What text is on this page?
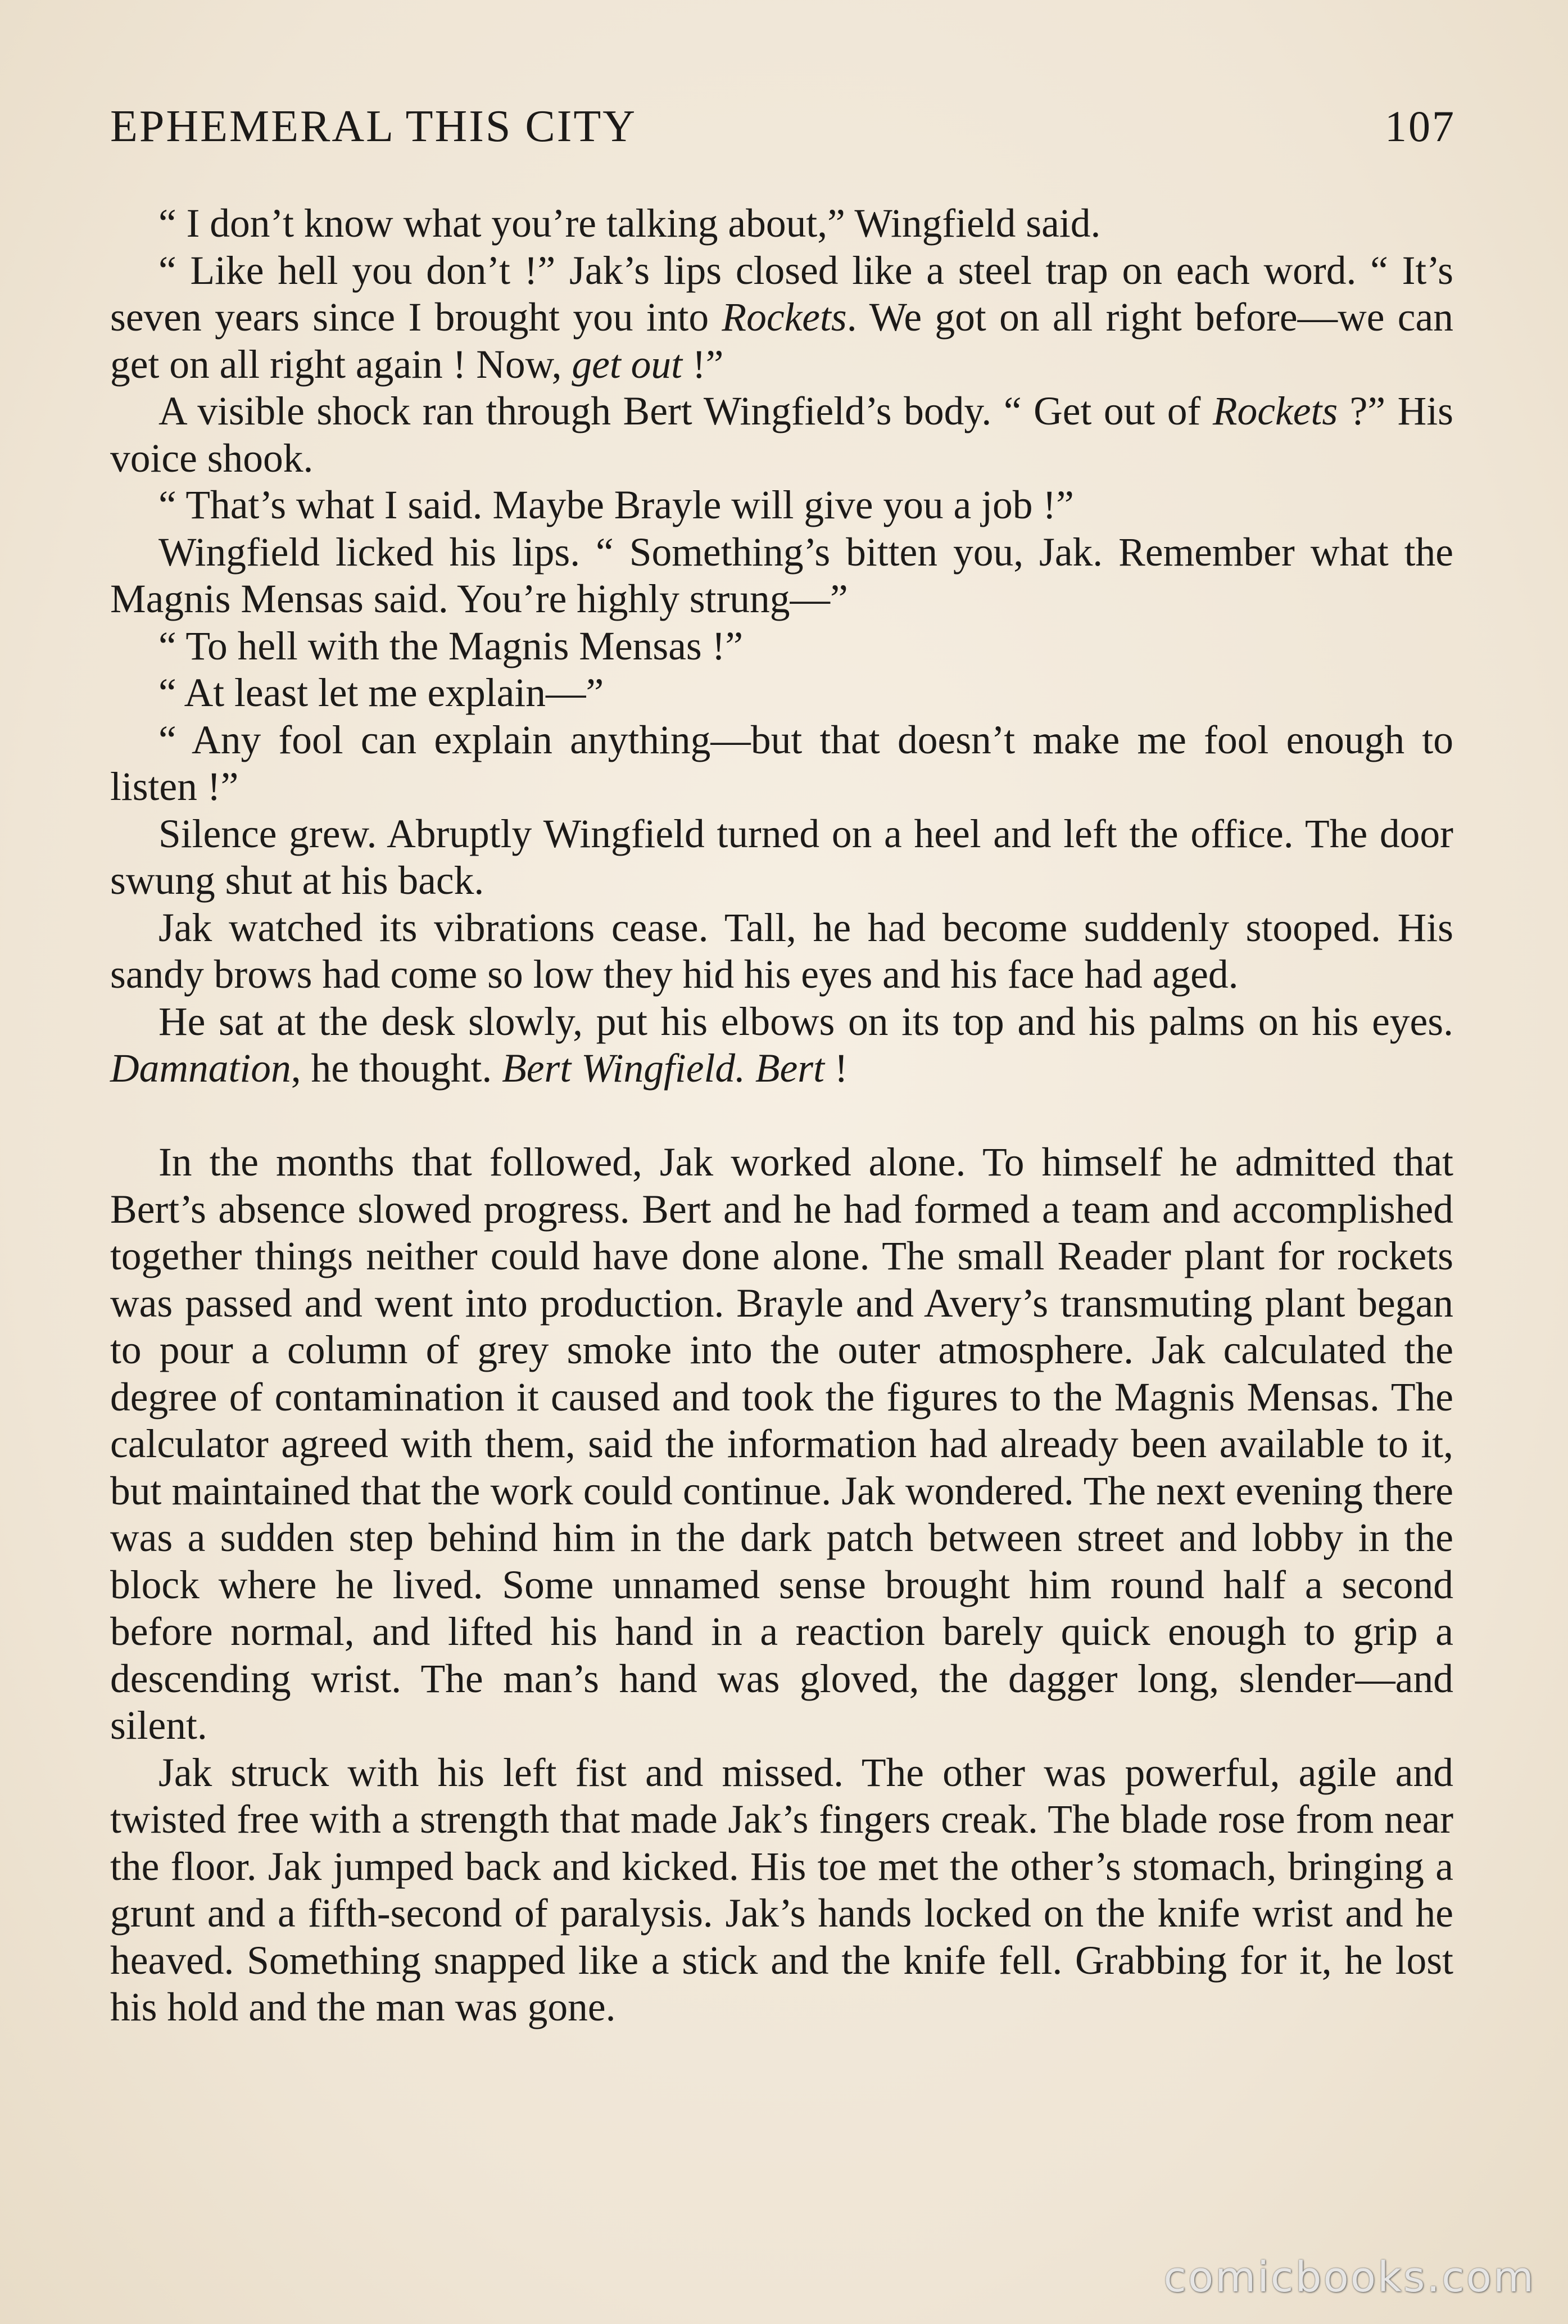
EPHEMERAL THIS CITY	107

“ I don’t know what you’re talking about,” Wingfield said.

“ Like hell you don’t !” Jak’s lips closed like a steel trap on each word. “ It’s seven years since I brought you into Rockets. We got on all right before—we can get on all right again ! Now, get out !”

A visible shock ran through Bert Wingfield’s body. “ Get out of Rockets ?” His voice shook.

“ That’s what I said. Maybe Brayle will give you a job !”

Wingfield licked his lips. “ Something’s bitten you, Jak. Remember what the Magnis Mensas said. You’re highly strung—”

“ To hell with the Magnis Mensas !”

“ At least let me explain—”

“ Any fool can explain anything—but that doesn’t make me fool enough to listen !”

Silence grew. Abruptly Wingfield turned on a heel and left the office. The door swung shut at his back.

Jak watched its vibrations cease. Tall, he had become suddenly stooped. His sandy brows had come so low they hid his eyes and his face had aged.

He sat at the desk slowly, put his elbows on its top and his palms on his eyes. Damnation, he thought. Bert Wingfield. Bert !

In the months that followed, Jak worked alone. To himself he admitted that Bert’s absence slowed progress. Bert and he had formed a team and accomplished together things neither could have done alone. The small Reader plant for rockets was passed and went into production. Brayle and Avery’s transmuting plant began to pour a column of grey smoke into the outer atmosphere. Jak calculated the degree of contamination it caused and took the figures to the Magnis Mensas. The calculator agreed with them, said the information had already been available to it, but maintained that the work could continue. Jak wondered. The next evening there was a sudden step behind him in the dark patch between street and lobby in the block where he lived. Some unnamed sense brought him round half a second before normal, and lifted his hand in a reaction barely quick enough to grip a descending wrist. The man’s hand was gloved, the dagger long, slender—and silent.

Jak struck with his left fist and missed. The other was powerful, agile and twisted free with a strength that made Jak’s fingers creak. The blade rose from near the floor. Jak jumped back and kicked. His toe met the other’s stomach, bringing a grunt and a fifth-second of paralysis. Jak’s hands locked on the knife wrist and he heaved. Something snapped like a stick and the knife fell. Grabbing for it, he lost his hold and the man was gone.

comicbooks.com
